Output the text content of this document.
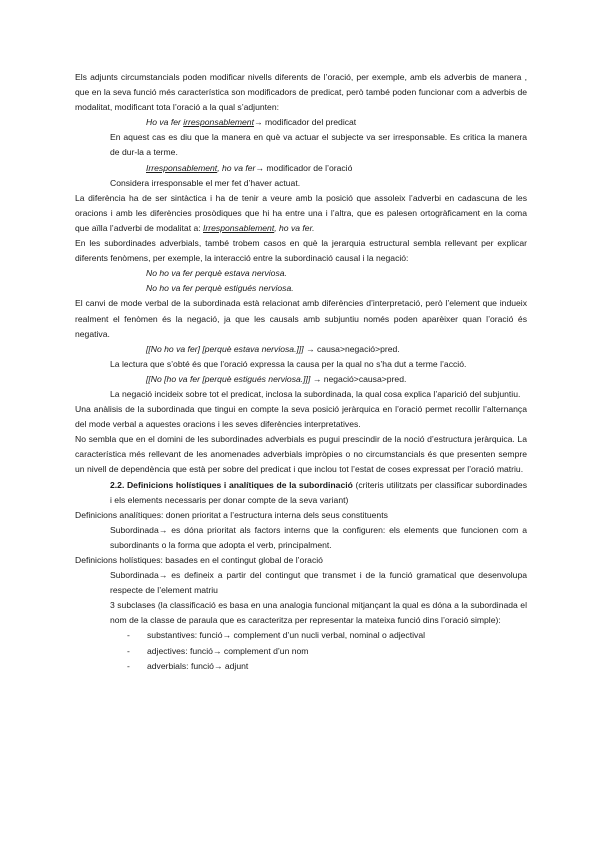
Els adjunts circumstancials poden modificar nivells diferents de l’oració, per exemple, amb els adverbis de manera , que en la seva funció més característica son modificadors de predicat, però també poden funcionar com a adverbis de modalitat, modificant tota l’oració a la qual s’adjunten:

Ho va fer irresponsablement→ modificador del predicat

En aquest cas es diu que la manera en què va actuar el subjecte va ser irresponsable. Es critica la manera de dur-la a terme.

Irresponsablement, ho va fer→ modificador de l’oració

Considera irresponsable el mer fet d’haver actuat.

La diferència ha de ser sintàctica i ha de tenir a veure amb la posició que assoleix l’adverbi en cadascuna de les oracions i amb les diferències prosòdiques que hi ha entre una i l’altra, que es palesen ortogràficament en la coma que aïlla l’adverbi de modalitat a: Irresponsablement, ho va fer.

En les subordinades adverbials, també trobem casos en què la jerarquia estructural sembla rellevant per explicar diferents fenòmens, per exemple, la interacció entre la subordinació causal i la negació:

No ho va fer perquè estava nerviosa.

No ho va fer perquè estigués nerviosa.

El canvi de mode verbal de la subordinada està relacionat amb diferències d’interpretació, però l’element que indueix realment el fenòmen és la negació, ja que les causals amb subjuntiu només poden aparèixer quan l’oració és negativa.

[[No ho va fer] [perquè estava nerviosa.]]] → causa>negació>pred.

La lectura que s’obté és que l’oració expressa la causa per la qual no s’ha dut a terme l’acció.

[[No [ho va fer [perquè estigués nerviosa.]]] → negació>causa>pred.

La negació incideix sobre tot el predicat, inclosa la subordinada, la qual cosa explica l’aparició del subjuntiu.

Una anàlisis de la subordinada que tingui en compte la seva posició jeràrquica en l’oració permet recollir l’alternança del mode verbal a aquestes oracions i les seves diferències interpretatives.

No sembla que en el domini de les subordinades adverbials es pugui prescindir de la noció d’estructura jeràrquica. La característica més rellevant de les anomenades adverbials impròpies o no circumstancials és que presenten sempre un nivell de dependència que està per sobre del predicat i que inclou tot l’estat de coses expressat per l’oració matriu.

2.2. Definicions holístiques i analítiques de la subordinació (criteris utilitzats per classificar subordinades i els elements necessaris per donar compte de la seva variant)

Definicions analítiques: donen prioritat a l’estructura interna dels seus constituents

Subordinada→ es dóna prioritat als factors interns que la configuren: els elements que funcionen com a subordinants o la forma que adopta el verb, principalment.

Definicions holístiques: basades en el contingut global de l’oració

Subordinada→ es defineix a partir del contingut que transmet i de la funció gramatical que desenvolupa respecte de l’element matriu

3 subclases (la classificació es basa en una analogia funcional mitjançant la qual es dóna a la subordinada el nom de la classe de paraula que es caracteritza per representar la mateixa funció dins l’oració simple):

- substantives: funció→ complement d’un nucli verbal, nominal o adjectival
- adjectives: funció→ complement d’un nom
- adverbials: funció→ adjunt
